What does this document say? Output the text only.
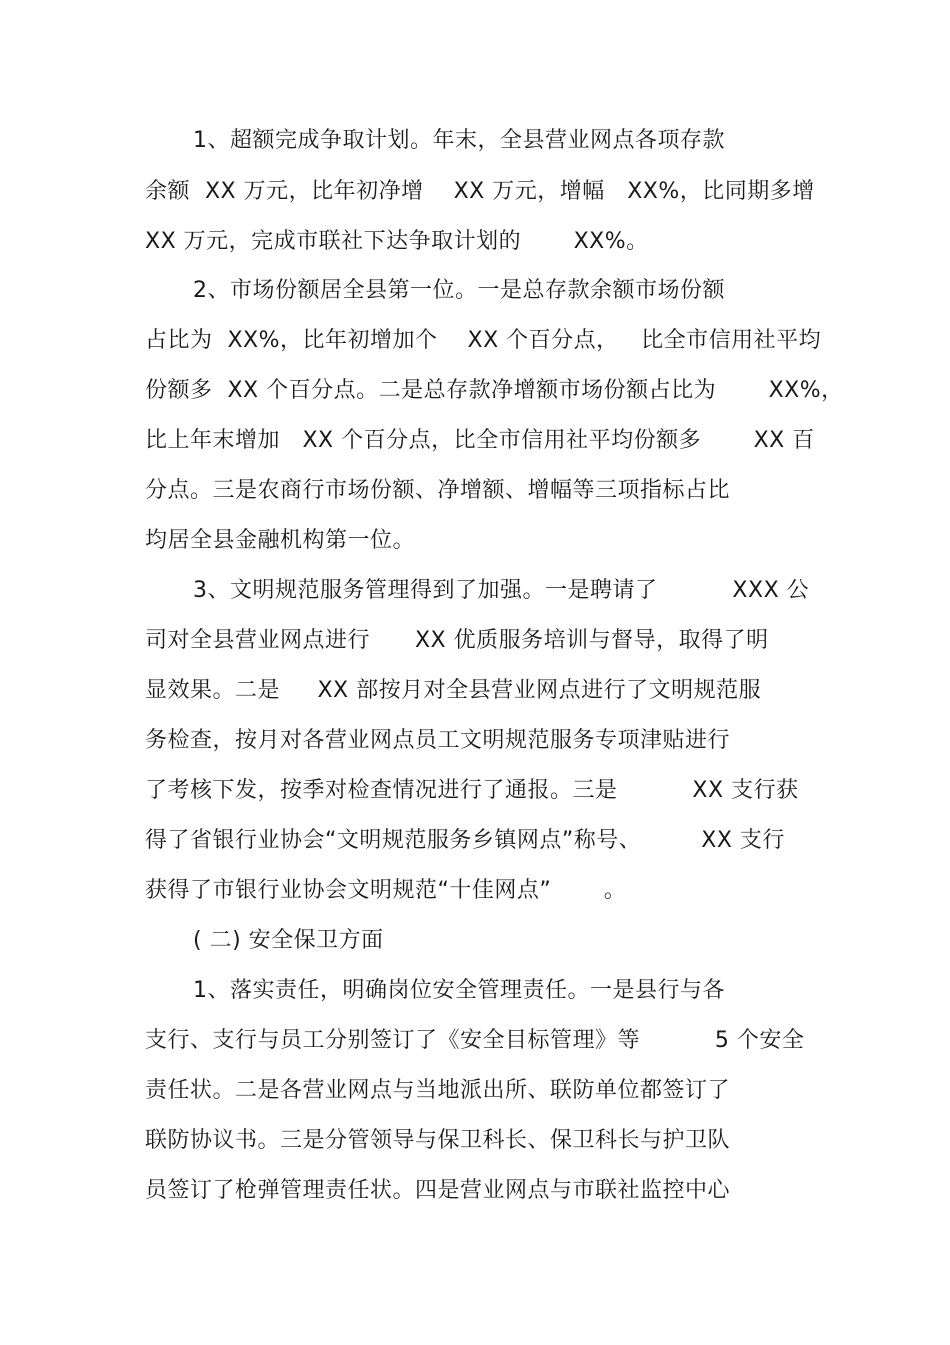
1、超额完成争取计划。年末，全县营业网点各项存款

余额  XX 万元，比年初净增    XX 万元，增幅   XX%，比同期多增

XX 万元，完成市联社下达争取计划的       XX%。

2、市场份额居全县第一位。一是总存款余额市场份额

占比为  XX%，比年初增加个    XX 个百分点，   比全市信用社平均

份额多  XX 个百分点。二是总存款净增额市场份额占比为       XX%，

比上年末增加   XX 个百分点，比全市信用社平均份额多       XX 百

分点。三是农商行市场份额、净增额、增幅等三项指标占比

均居全县金融机构第一位。

3、文明规范服务管理得到了加强。一是聘请了          XXX 公

司对全县营业网点进行      XX 优质服务培训与督导，取得了明

显效果。二是     XX 部按月对全县营业网点进行了文明规范服

务检查，按月对各营业网点员工文明规范服务专项津贴进行

了考核下发，按季对检查情况进行了通报。三是          XX 支行获

得了省银行业协会“文明规范服务乡镇网点”称号、        XX 支行

获得了市银行业协会文明规范“十佳网点”       。

( 二) 安全保卫方面

1、落实责任，明确岗位安全管理责任。一是县行与各

支行、支行与员工分别签订了《安全目标管理》等          5 个安全

责任状。二是各营业网点与当地派出所、联防单位都签订了

联防协议书。三是分管领导与保卫科长、保卫科长与护卫队

员签订了枪弹管理责任状。四是营业网点与市联社监控中心
